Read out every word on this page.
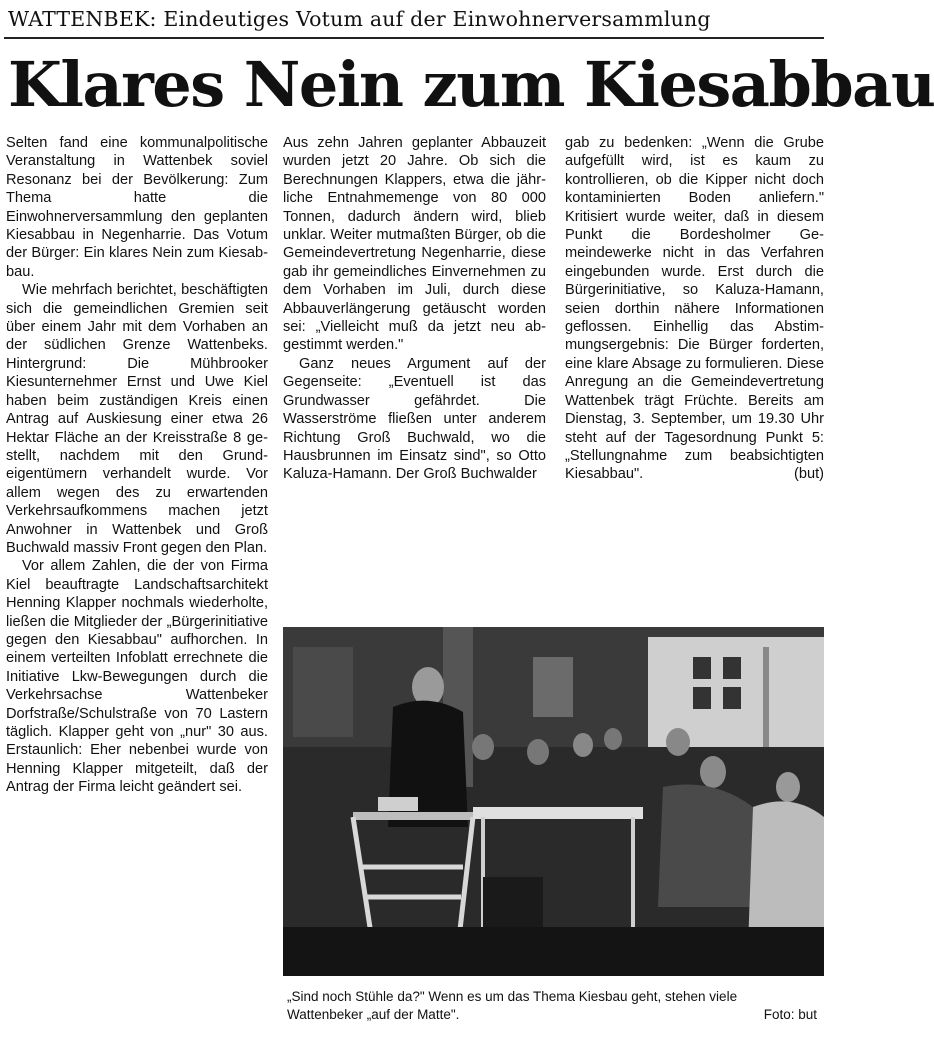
WATTENBEK: Eindeutiges Votum auf der Einwohnerversammlung
Klares Nein zum Kiesabbau

Selten fand eine kommunalpolitische Veranstaltung in Wattenbek soviel Resonanz bei der Bevölkerung: Zum Thema hatte die Einwohnerversammlung den geplanten Kiesabbau in Negenharrie. Das Votum der Bürger: Ein klares Nein zum Kiesabbau.

Wie mehrfach berichtet, beschäftigten sich die gemeindlichen Gremien seit über einem Jahr mit dem Vorhaben an der südlichen Grenze Wattenbeks. Hintergrund: Die Mühbrooker Kiesunternehmer Ernst und Uwe Kiel haben beim zuständigen Kreis einen Antrag auf Auskiesung einer etwa 26 Hektar Fläche an der Kreisstraße 8 gestellt, nachdem mit den Grundeigentümern verhandelt wurde. Vor allem wegen des zu erwartenden Verkehrsaufkommens machen jetzt Anwohner in Wattenbek und Groß Buchwald massiv Front gegen den Plan.

Vor allem Zahlen, die der von Firma Kiel beauftragte Landschaftsarchitekt Henning Klapper nochmals wiederholte, ließen die Mitglieder der „Bürgerinitiative gegen den Kiesabbau" aufhorchen. In einem verteilten Infoblatt errechnete die Initiative Lkw-Bewegungen durch die Verkehrsachse Wattenbeker Dorfstraße/Schulstraße von 70 Lastern täglich. Klapper geht von „nur" 30 aus. Erstaunlich: Eher nebenbei wurde von Henning Klapper mitgeteilt, daß der Antrag der Firma leicht geändert sei.

Aus zehn Jahren geplanter Abbauzeit wurden jetzt 20 Jahre. Ob sich die Berechnungen Klappers, etwa die jährliche Entnahmemenge von 80 000 Tonnen, dadurch ändern wird, blieb unklar. Weiter mutmaßten Bürger, ob die Gemeindevertretung Negenharrie, diese gab ihr gemeindliches Einvernehmen zu dem Vorhaben im Juli, durch diese Abbauverlängerung getäuscht worden sei: „Vielleicht muß da jetzt neu abgestimmt werden."

Ganz neues Argument auf der Gegenseite: „Eventuell ist das Grundwasser gefährdet. Die Wasserströme fließen unter anderem Richtung Groß Buchwald, wo die Hausbrunnen im Einsatz sind", so Otto Kaluza-Hamann. Der Groß Buchwalder

gab zu bedenken: „Wenn die Grube aufgefüllt wird, ist es kaum zu kontrollieren, ob die Kipper nicht doch kontaminierten Boden anliefern." Kritisiert wurde weiter, daß in diesem Punkt die Bordesholmer Gemeindewerke nicht in das Verfahren eingebunden wurde. Erst durch die Bürgerinitiative, so Kaluza-Hamann, seien dorthin nähere Informationen geflossen. Einhellig das Abstimmungsergebnis: Die Bürger forderten, eine klare Absage zu formulieren. Diese Anregung an die Gemeindevertretung Wattenbek trägt Früchte. Bereits am Dienstag, 3. September, um 19.30 Uhr steht auf der Tagesordnung Punkt 5: „Stellungnahme zum beabsichtigten Kiesabbau".	(but)
„Sind noch Stühle da?" Wenn es um das Thema Kiesbau geht, stehen viele
Wattenbeker „auf der Matte".	Foto: but
